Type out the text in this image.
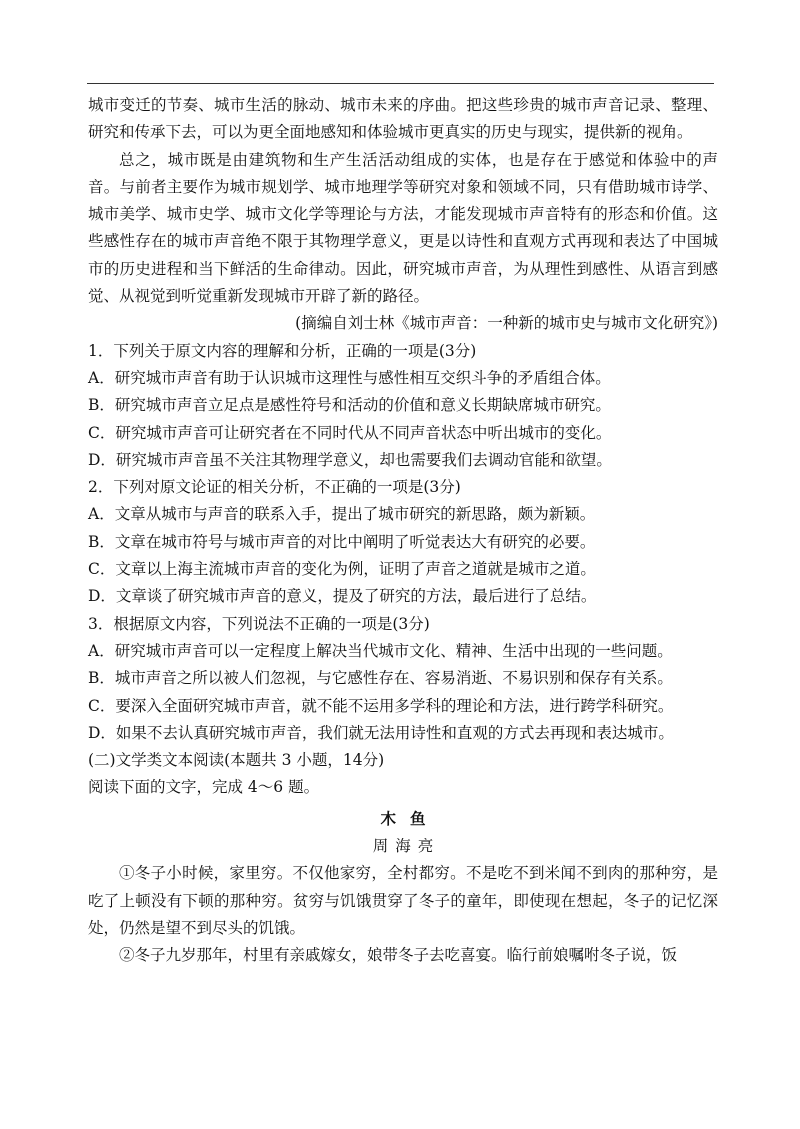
城市变迁的节奏、城市生活的脉动、城市未来的序曲。把这些珍贵的城市声音记录、整理、研究和传承下去，可以为更全面地感知和体验城市更真实的历史与现实，提供新的视角。

总之，城市既是由建筑物和生产生活活动组成的实体，也是存在于感觉和体验中的声音。与前者主要作为城市规划学、城市地理学等研究对象和领域不同，只有借助城市诗学、城市美学、城市史学、城市文化学等理论与方法，才能发现城市声音特有的形态和价值。这些感性存在的城市声音绝不限于其物理学意义，更是以诗性和直观方式再现和表达了中国城市的历史进程和当下鲜活的生命律动。因此，研究城市声音，为从理性到感性、从语言到感觉、从视觉到听觉重新发现城市开辟了新的路径。

(摘编自刘士林《城市声音：一种新的城市史与城市文化研究》)

1．下列关于原文内容的理解和分析，正确的一项是(3分)

A．研究城市声音有助于认识城市这理性与感性相互交织斗争的矛盾组合体。

B．研究城市声音立足点是感性符号和活动的价值和意义长期缺席城市研究。

C．研究城市声音可让研究者在不同时代从不同声音状态中听出城市的变化。

D．研究城市声音虽不关注其物理学意义，却也需要我们去调动官能和欲望。

2．下列对原文论证的相关分析，不正确的一项是(3分)

A．文章从城市与声音的联系入手，提出了城市研究的新思路，颇为新颖。

B．文章在城市符号与城市声音的对比中阐明了听觉表达大有研究的必要。

C．文章以上海主流城市声音的变化为例，证明了声音之道就是城市之道。

D．文章谈了研究城市声音的意义，提及了研究的方法，最后进行了总结。

3．根据原文内容，下列说法不正确的一项是(3分)

A．研究城市声音可以一定程度上解决当代城市文化、精神、生活中出现的一些问题。

B．城市声音之所以被人们忽视，与它感性存在、容易消逝、不易识别和保存有关系。

C．要深入全面研究城市声音，就不能不运用多学科的理论和方法，进行跨学科研究。

D．如果不去认真研究城市声音，我们就无法用诗性和直观的方式去再现和表达城市。

(二)文学类文本阅读(本题共 3 小题，14分)

阅读下面的文字，完成 4～6 题。

木鱼

周海亮

①冬子小时候，家里穷。不仅他家穷，全村都穷。不是吃不到米闻不到肉的那种穷，是吃了上顿没有下顿的那种穷。贫穷与饥饿贯穿了冬子的童年，即使现在想起，冬子的记忆深处，仍然是望不到尽头的饥饿。

②冬子九岁那年，村里有亲戚嫁女，娘带冬子去吃喜宴。临行前娘嘱咐冬子说，饭
